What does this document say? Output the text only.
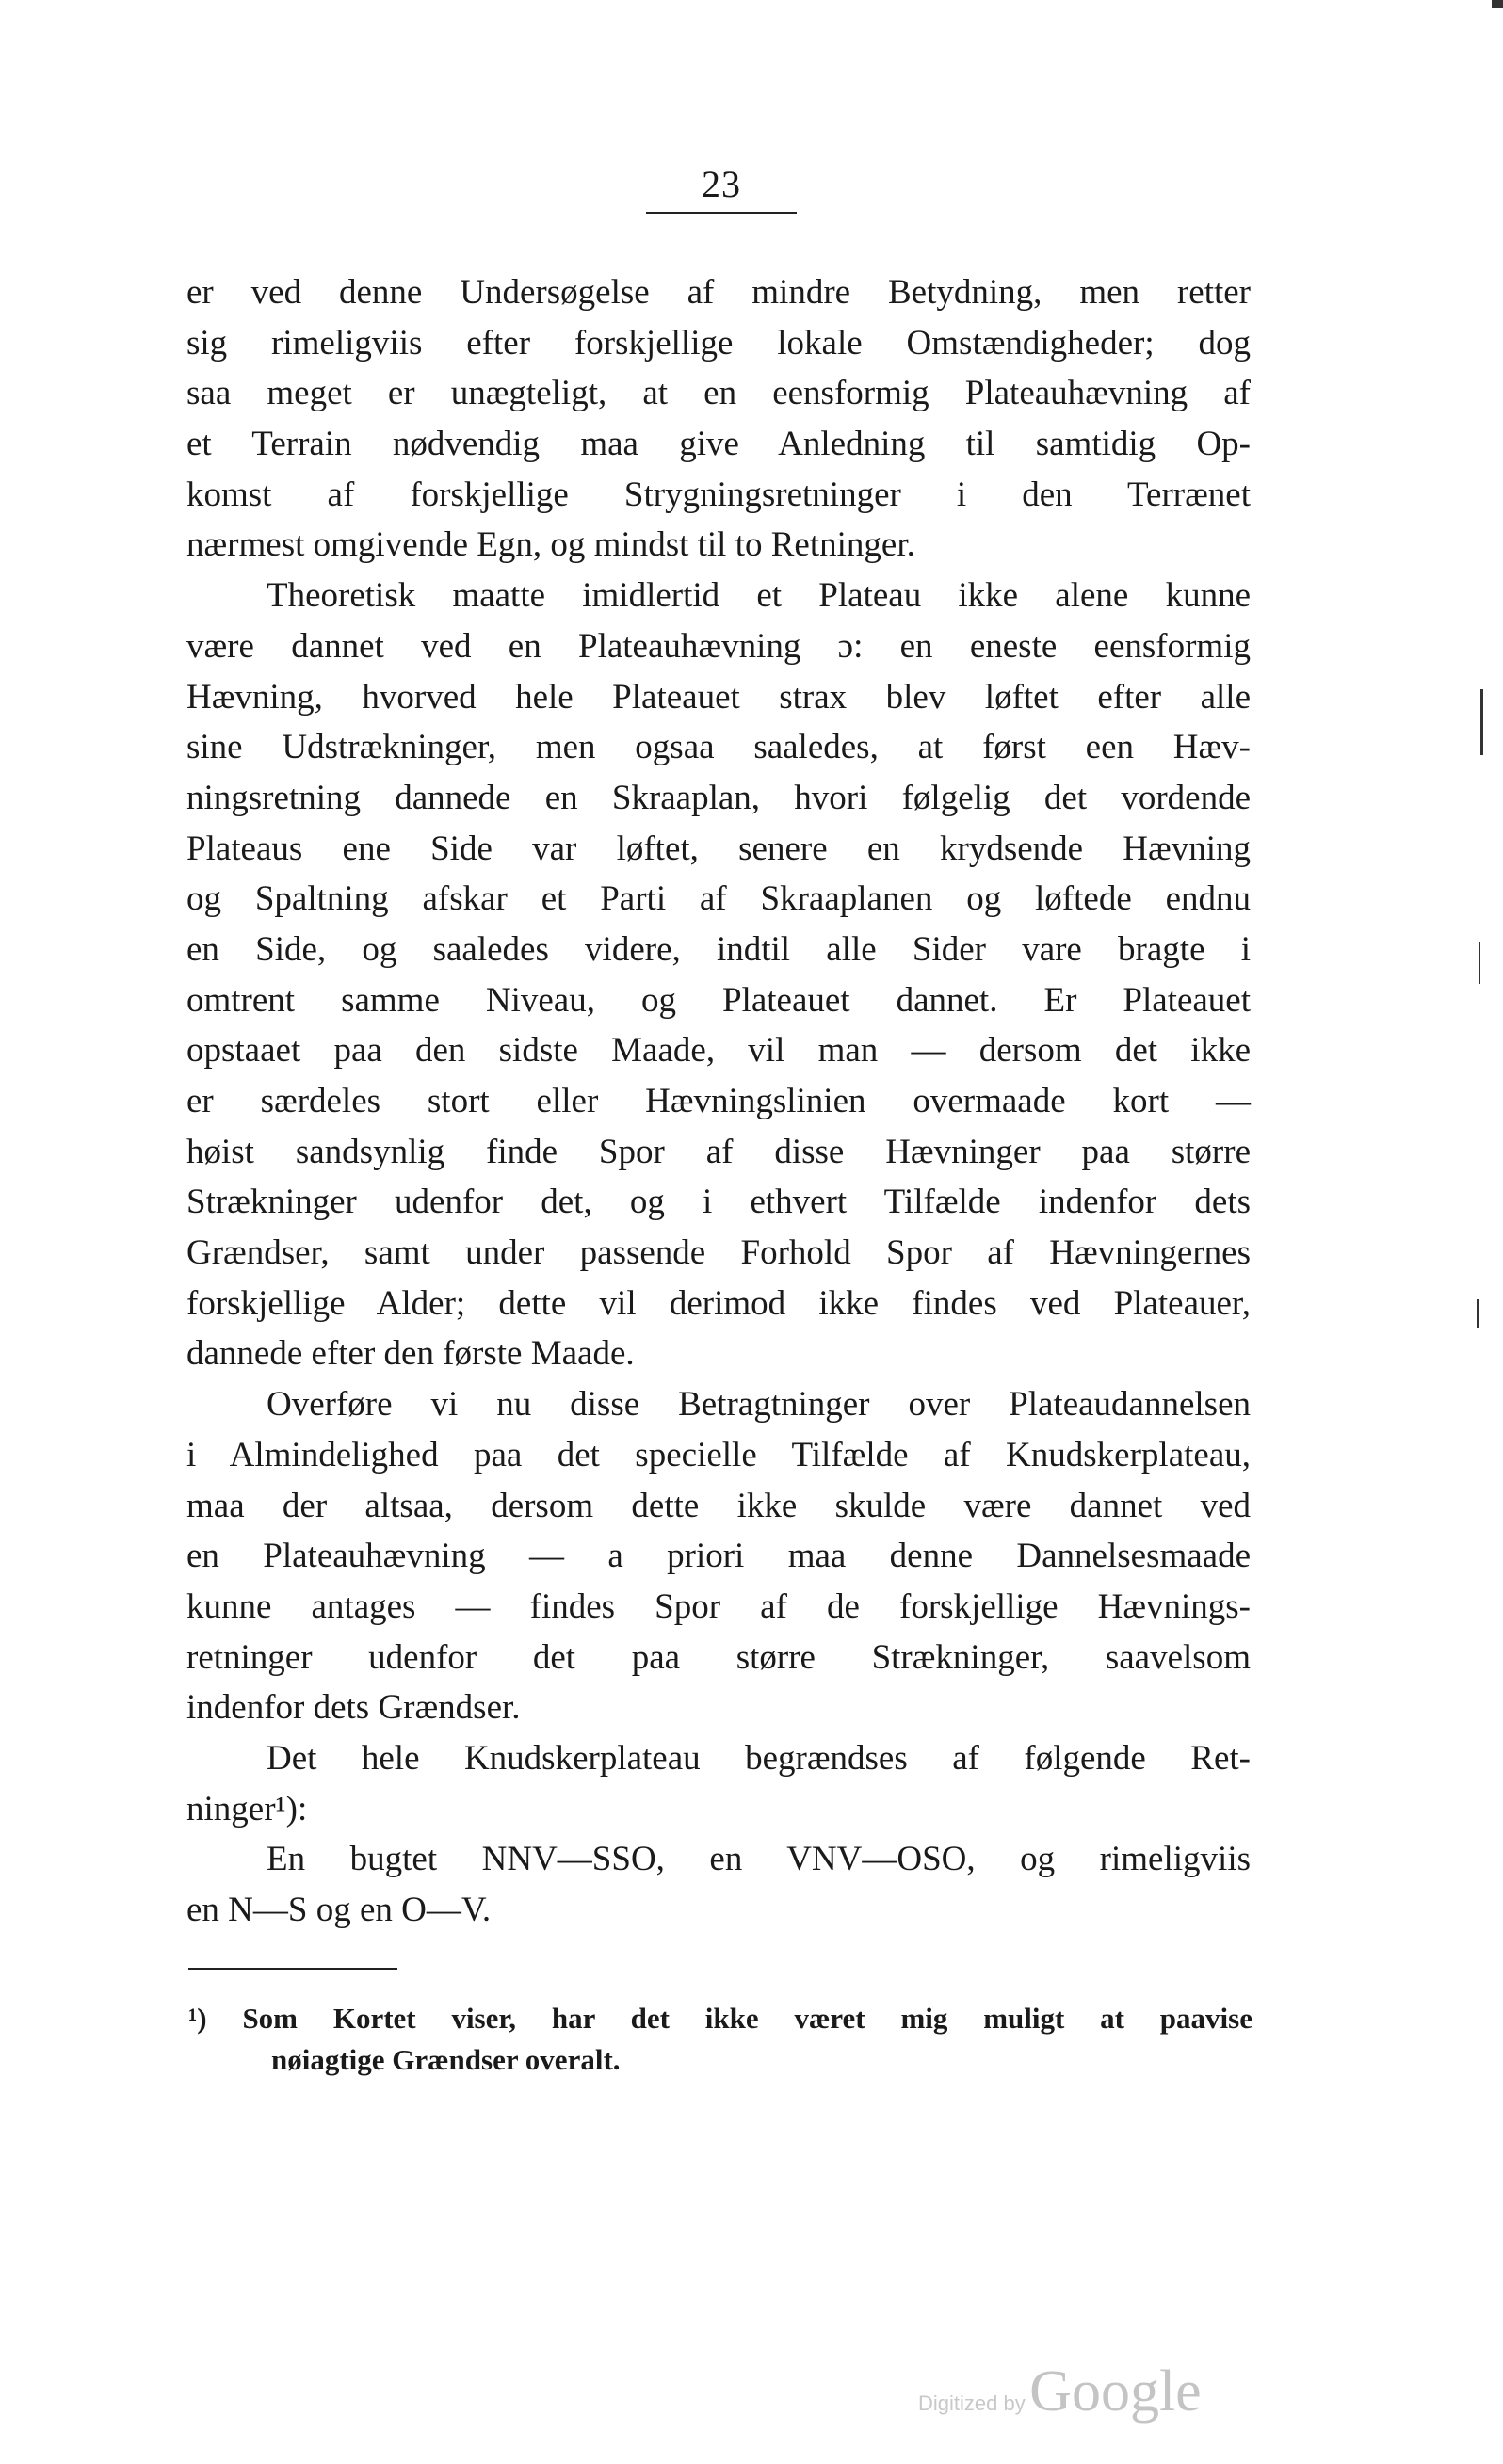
23
er ved denne Undersøgelse af mindre Betydning, men retter
sig rimeligviis efter forskjellige lokale Omstændigheder; dog
saa meget er unægteligt, at en eensformig Plateauhævning af
et Terrain nødvendig maa give Anledning til samtidig Op-
komst af forskjellige Strygningsretninger i den Terrænet
nærmest omgivende Egn, og mindst til to Retninger.
Theoretisk maatte imidlertid et Plateau ikke alene kunne
være dannet ved en Plateauhævning ɔ: en eneste eensformig
Hævning, hvorved hele Plateauet strax blev løftet efter alle
sine Udstrækninger, men ogsaa saaledes, at først een Hæv-
ningsretning dannede en Skraaplan, hvori følgelig det vordende
Plateaus ene Side var løftet, senere en krydsende Hævning
og Spaltning afskar et Parti af Skraaplanen og løftede endnu
en Side, og saaledes videre, indtil alle Sider vare bragte i
omtrent samme Niveau, og Plateauet dannet. Er Plateauet
opstaaet paa den sidste Maade, vil man — dersom det ikke
er særdeles stort eller Hævningslinien overmaade kort —
høist sandsynlig finde Spor af disse Hævninger paa større
Strækninger udenfor det, og i ethvert Tilfælde indenfor dets
Grændser, samt under passende Forhold Spor af Hævningernes
forskjellige Alder; dette vil derimod ikke findes ved Plateauer,
dannede efter den første Maade.
Overføre vi nu disse Betragtninger over Plateaudannelsen
i Almindelighed paa det specielle Tilfælde af Knudskerplateau,
maa der altsaa, dersom dette ikke skulde være dannet ved
en Plateauhævning — a priori maa denne Dannelsesmaade
kunne antages — findes Spor af de forskjellige Hævnings-
retninger udenfor det paa større Strækninger, saavelsom
indenfor dets Grændser.
Det hele Knudskerplateau begrændses af følgende Ret-
ninger¹):
En bugtet NNV—SSO, en VNV—OSO, og rimeligviis
en N—S og en O—V.
¹) Som Kortet viser, har det ikke været mig muligt at paavise
nøiagtige Grændser overalt.
Digitized by Google
